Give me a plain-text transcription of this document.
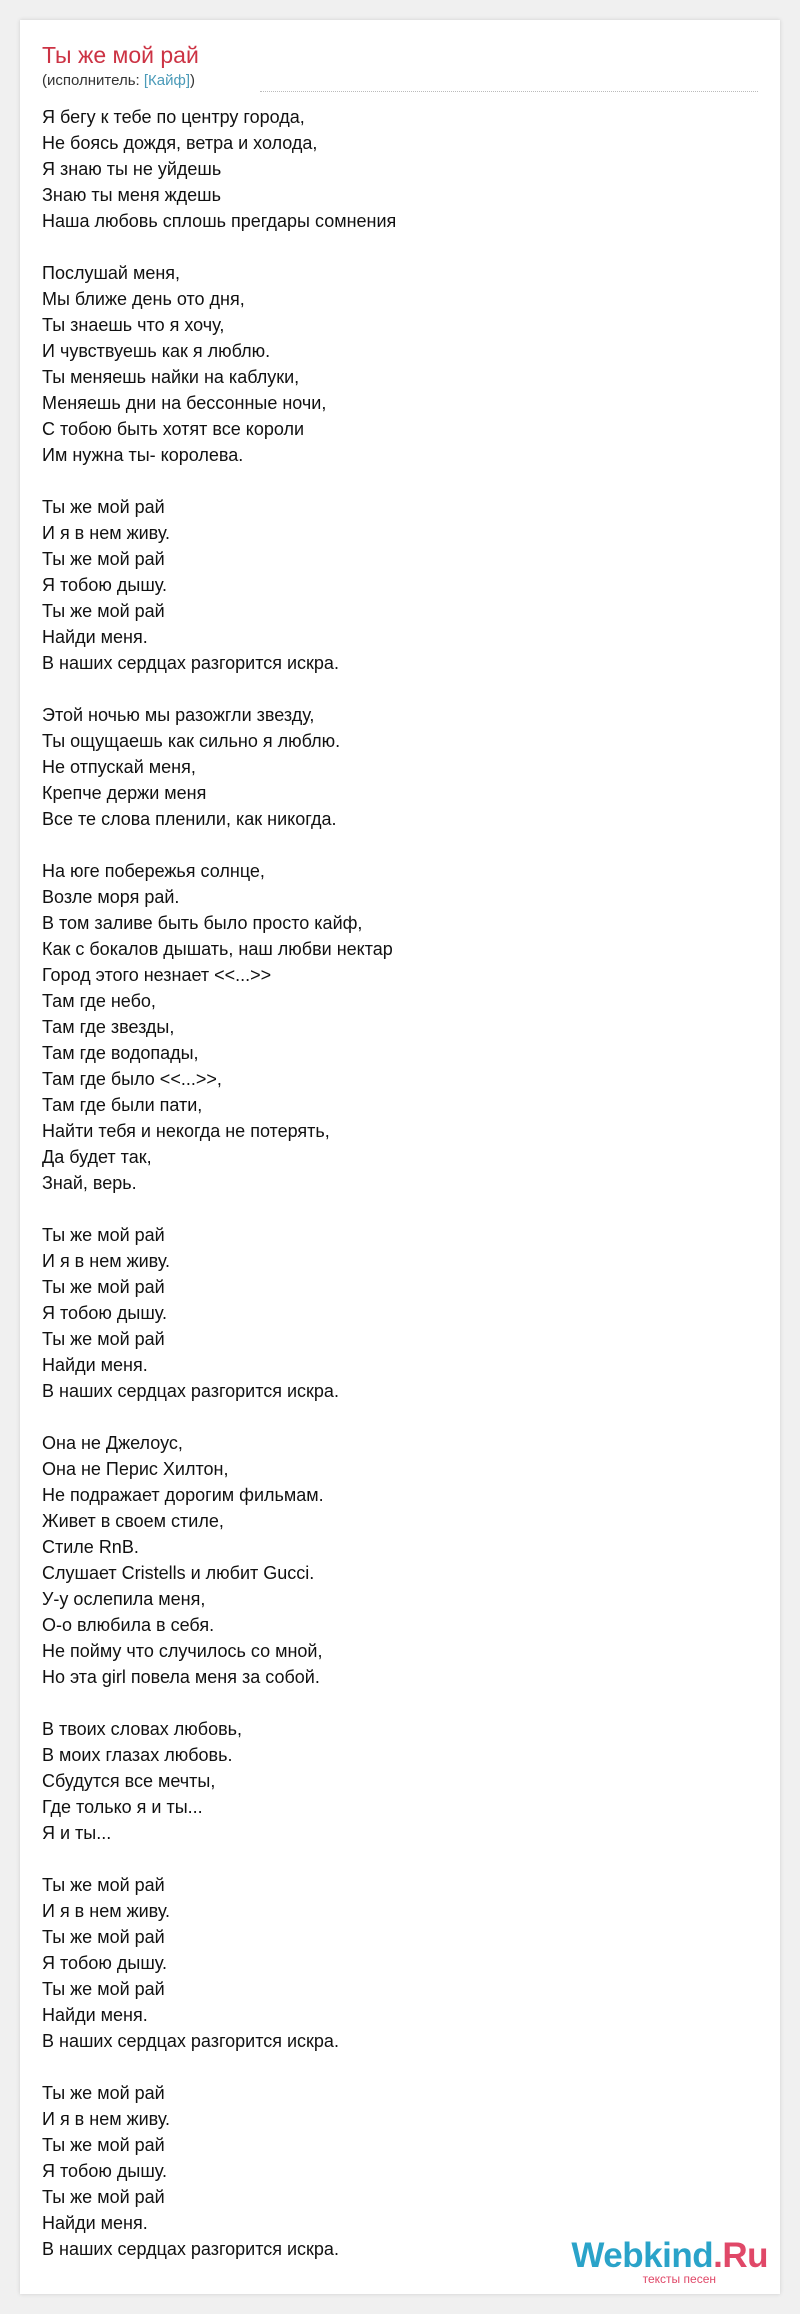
Ты же мой рай
(исполнитель: [Кайф])
Я бегу к тебе по центру города,
Не боясь дождя, ветра и холода,
Я знаю ты не уйдешь
Знаю ты меня ждешь
Наша любовь сплошь прегдары сомнения
Послушай меня,
Мы ближе день ото дня,
Ты знаешь что я хочу,
И чувствуешь как я люблю.
Ты меняешь найки на каблуки,
Меняешь дни на бессонные ночи,
С тобою быть хотят все короли
Им нужна ты- королева.
Ты же мой рай
И я в нем живу.
Ты же мой рай
Я тобою дышу.
Ты же мой рай
Найди меня.
В наших сердцах разгорится искра.
Этой ночью мы разожгли звезду,
Ты ощущаешь как сильно я люблю.
Не отпускай меня,
Крепче держи меня
Все те слова пленили, как никогда.
На юге побережья солнце,
Возле моря рай.
В том заливе быть было просто кайф,
Как с бокалов дышать, наш любви нектар
Город этого незнает <<...>>
Там где небо,
Там где звезды,
Там где водопады,
Там где было <<...>>,
Там где были пати,
Найти тебя и некогда не потерять,
Да будет так,
Знай, верь.
Ты же мой рай
И я в нем живу.
Ты же мой рай
Я тобою дышу.
Ты же мой рай
Найди меня.
В наших сердцах разгорится искра.
Она не Джелоус,
Она не Перис Хилтон,
Не подражает дорогим фильмам.
Живет в своем стиле,
Стиле RnB.
Слушает Cristells и любит Gucci.
У-у ослепила меня,
О-о влюбила в себя.
Не пойму что случилось со мной,
Но эта girl повела меня за собой.
В твоих словах любовь,
В моих глазах любовь.
Сбудутся все мечты,
Где только я и ты...
Я и ты...
Ты же мой рай
И я в нем живу.
Ты же мой рай
Я тобою дышу.
Ты же мой рай
Найди меня.
В наших сердцах разгорится искра.
Ты же мой рай
И я в нем живу.
Ты же мой рай
Я тобою дышу.
Ты же мой рай
Найди меня.
В наших сердцах разгорится искра.	Webkind.Ru
тексты песен
